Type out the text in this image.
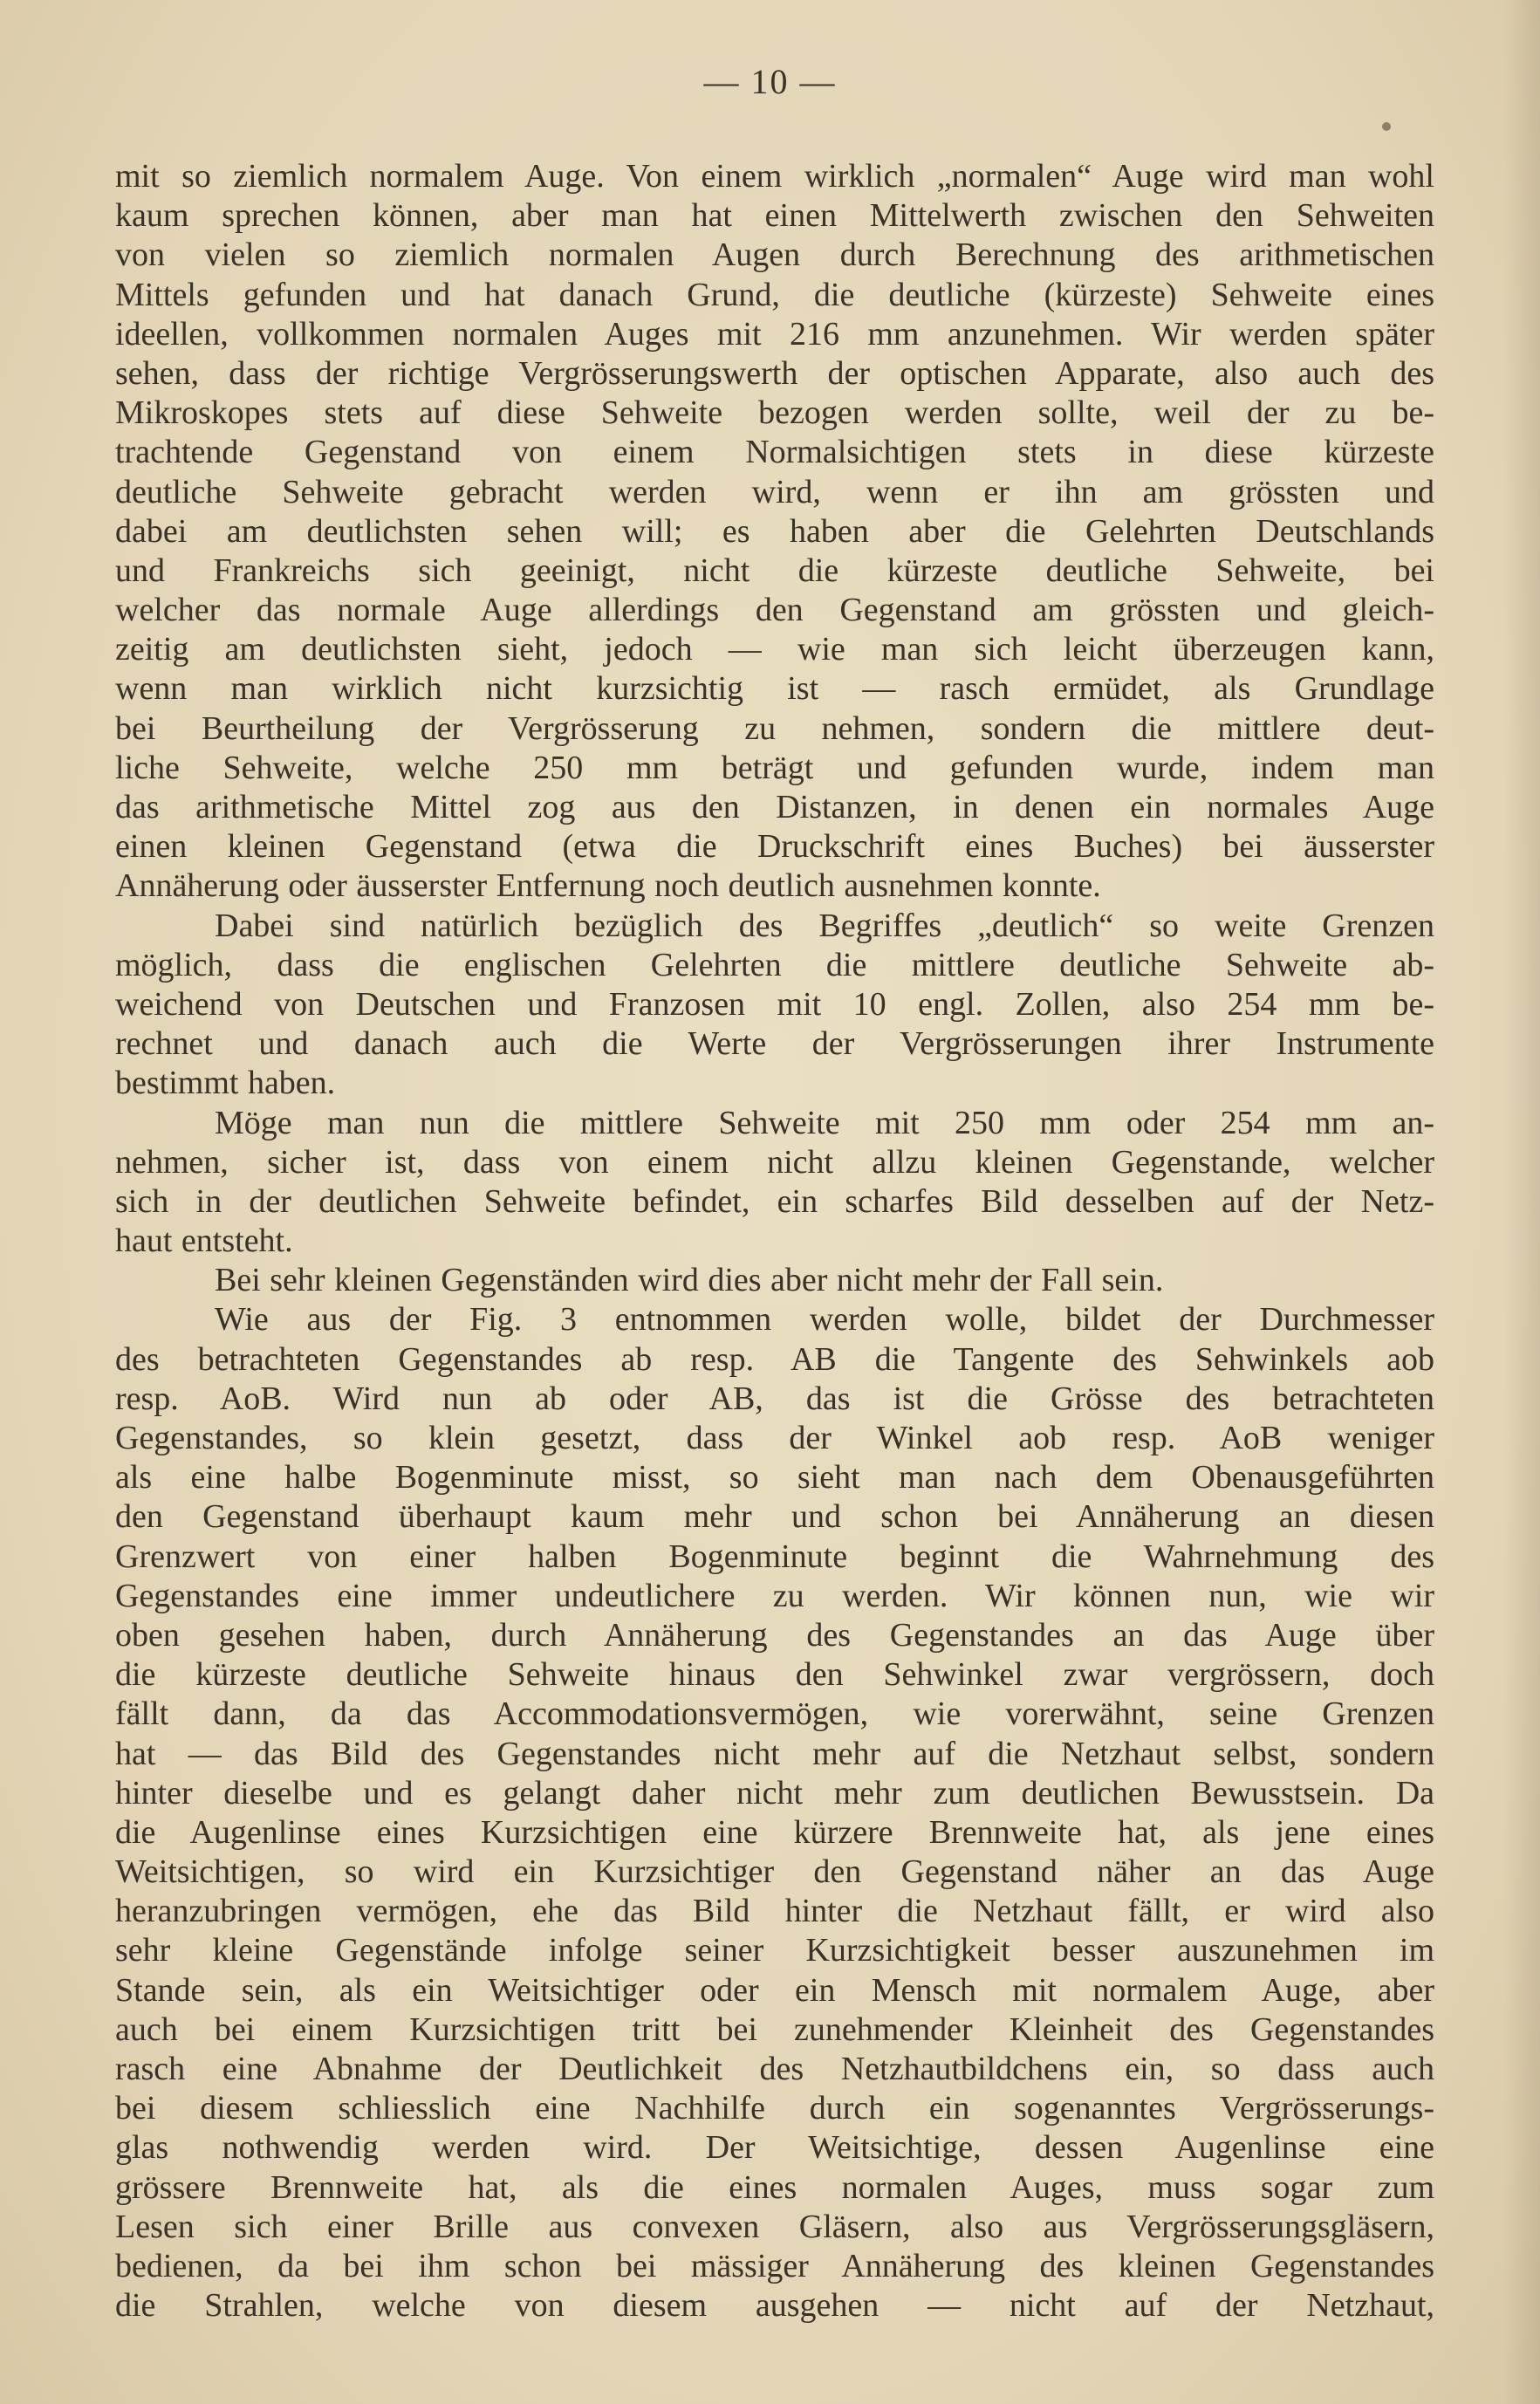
— 10 —
mit so ziemlich normalem Auge. Von einem wirklich „normalen“ Auge wird man wohl
kaum sprechen können, aber man hat einen Mittelwerth zwischen den Sehweiten
von vielen so ziemlich normalen Augen durch Berechnung des arithmetischen
Mittels gefunden und hat danach Grund, die deutliche (kürzeste) Sehweite eines
ideellen, vollkommen normalen Auges mit 216 mm anzunehmen. Wir werden später
sehen, dass der richtige Vergrösserungswerth der optischen Apparate, also auch des
Mikroskopes stets auf diese Sehweite bezogen werden sollte, weil der zu be-
trachtende Gegenstand von einem Normalsichtigen stets in diese kürzeste
deutliche Sehweite gebracht werden wird, wenn er ihn am grössten und
dabei am deutlichsten sehen will; es haben aber die Gelehrten Deutschlands
und Frankreichs sich geeinigt, nicht die kürzeste deutliche Sehweite, bei
welcher das normale Auge allerdings den Gegenstand am grössten und gleich-
zeitig am deutlichsten sieht, jedoch — wie man sich leicht überzeugen kann,
wenn man wirklich nicht kurzsichtig ist — rasch ermüdet, als Grundlage
bei Beurtheilung der Vergrösserung zu nehmen, sondern die mittlere deut-
liche Sehweite, welche 250 mm beträgt und gefunden wurde, indem man
das arithmetische Mittel zog aus den Distanzen, in denen ein normales Auge
einen kleinen Gegenstand (etwa die Druckschrift eines Buches) bei äusserster
Annäherung oder äusserster Entfernung noch deutlich ausnehmen konnte.
Dabei sind natürlich bezüglich des Begriffes „deutlich“ so weite Grenzen
möglich, dass die englischen Gelehrten die mittlere deutliche Sehweite ab-
weichend von Deutschen und Franzosen mit 10 engl. Zollen, also 254 mm be-
rechnet und danach auch die Werte der Vergrösserungen ihrer Instrumente
bestimmt haben.
Möge man nun die mittlere Sehweite mit 250 mm oder 254 mm an-
nehmen, sicher ist, dass von einem nicht allzu kleinen Gegenstande, welcher
sich in der deutlichen Sehweite befindet, ein scharfes Bild desselben auf der Netz-
haut entsteht.
Bei sehr kleinen Gegenständen wird dies aber nicht mehr der Fall sein.
Wie aus der Fig. 3 entnommen werden wolle, bildet der Durchmesser
des betrachteten Gegenstandes ab resp. AB die Tangente des Sehwinkels aob
resp. AoB. Wird nun ab oder AB, das ist die Grösse des betrachteten
Gegenstandes, so klein gesetzt, dass der Winkel aob resp. AoB weniger
als eine halbe Bogenminute misst, so sieht man nach dem Obenausgeführten
den Gegenstand überhaupt kaum mehr und schon bei Annäherung an diesen
Grenzwert von einer halben Bogenminute beginnt die Wahrnehmung des
Gegenstandes eine immer undeutlichere zu werden. Wir können nun, wie wir
oben gesehen haben, durch Annäherung des Gegenstandes an das Auge über
die kürzeste deutliche Sehweite hinaus den Sehwinkel zwar vergrössern, doch
fällt dann, da das Accommodationsvermögen, wie vorerwähnt, seine Grenzen
hat — das Bild des Gegenstandes nicht mehr auf die Netzhaut selbst, sondern
hinter dieselbe und es gelangt daher nicht mehr zum deutlichen Bewusstsein. Da
die Augenlinse eines Kurzsichtigen eine kürzere Brennweite hat, als jene eines
Weitsichtigen, so wird ein Kurzsichtiger den Gegenstand näher an das Auge
heranzubringen vermögen, ehe das Bild hinter die Netzhaut fällt, er wird also
sehr kleine Gegenstände infolge seiner Kurzsichtigkeit besser auszunehmen im
Stande sein, als ein Weitsichtiger oder ein Mensch mit normalem Auge, aber
auch bei einem Kurzsichtigen tritt bei zunehmender Kleinheit des Gegenstandes
rasch eine Abnahme der Deutlichkeit des Netzhautbildchens ein, so dass auch
bei diesem schliesslich eine Nachhilfe durch ein sogenanntes Vergrösserungs-
glas nothwendig werden wird. Der Weitsichtige, dessen Augenlinse eine
grössere Brennweite hat, als die eines normalen Auges, muss sogar zum
Lesen sich einer Brille aus convexen Gläsern, also aus Vergrösserungsgläsern,
bedienen, da bei ihm schon bei mässiger Annäherung des kleinen Gegenstandes
die Strahlen, welche von diesem ausgehen — nicht auf der Netzhaut,
